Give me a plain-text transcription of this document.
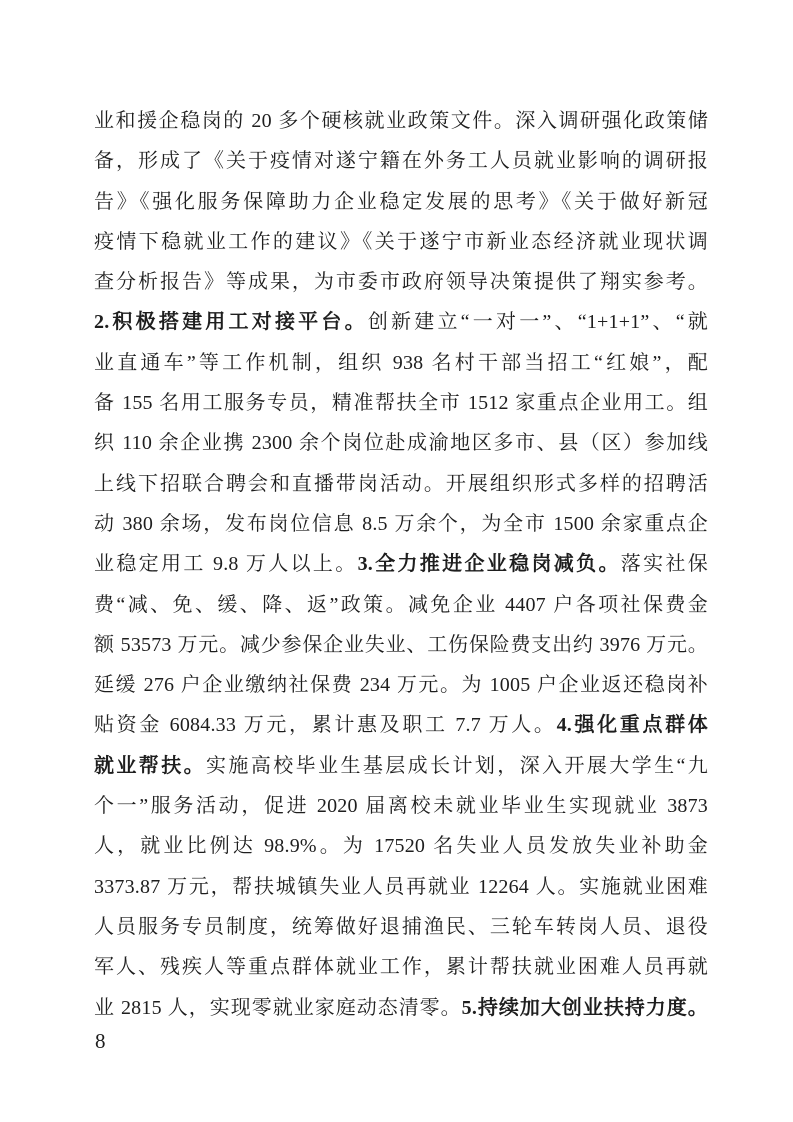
业和援企稳岗的 20 多个硬核就业政策文件。深入调研强化政策储
备，形成了《关于疫情对遂宁籍在外务工人员就业影响的调研报
告》《强化服务保障助力企业稳定发展的思考》《关于做好新冠
疫情下稳就业工作的建议》《关于遂宁市新业态经济就业现状调
查分析报告》等成果，为市委市政府领导决策提供了翔实参考。
2.积极搭建用工对接平台。创新建立“一对一”、“1+1+1”、“就
业直通车”等工作机制，组织 938 名村干部当招工“红娘”，配
备 155 名用工服务专员，精准帮扶全市 1512 家重点企业用工。组
织 110 余企业携 2300 余个岗位赴成渝地区多市、县（区）参加线
上线下招联合聘会和直播带岗活动。开展组织形式多样的招聘活
动 380 余场，发布岗位信息 8.5 万余个，为全市 1500 余家重点企
业稳定用工 9.8 万人以上。3.全力推进企业稳岗减负。落实社保
费“减、免、缓、降、返”政策。减免企业 4407 户各项社保费金
额 53573 万元。减少参保企业失业、工伤保险费支出约 3976 万元。
延缓 276 户企业缴纳社保费 234 万元。为 1005 户企业返还稳岗补
贴资金 6084.33 万元，累计惠及职工 7.7 万人。4.强化重点群体
就业帮扶。实施高校毕业生基层成长计划，深入开展大学生“九
个一”服务活动，促进 2020 届离校未就业毕业生实现就业 3873
人，就业比例达 98.9%。为 17520 名失业人员发放失业补助金
3373.87 万元，帮扶城镇失业人员再就业 12264 人。实施就业困难
人员服务专员制度，统筹做好退捕渔民、三轮车转岗人员、退役
军人、残疾人等重点群体就业工作，累计帮扶就业困难人员再就
业 2815 人，实现零就业家庭动态清零。5.持续加大创业扶持力度。
8
